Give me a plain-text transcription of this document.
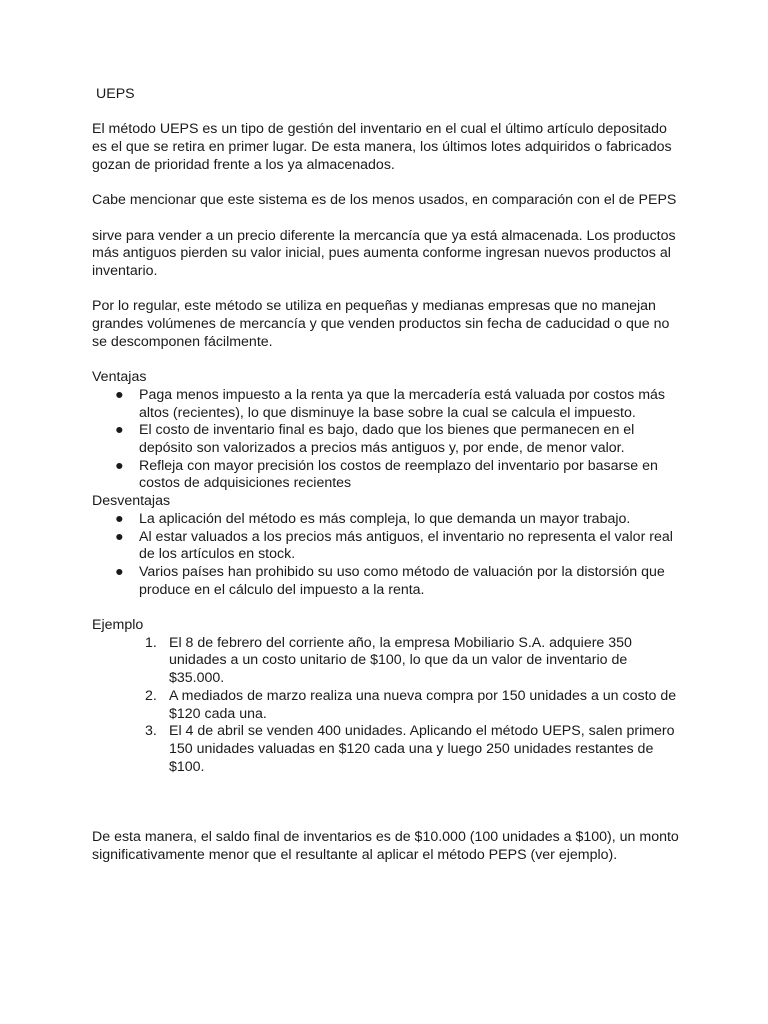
UEPS

El método UEPS es un tipo de gestión del inventario en el cual el último artículo depositado es el que se retira en primer lugar. De esta manera, los últimos lotes adquiridos o fabricados gozan de prioridad frente a los ya almacenados.

Cabe mencionar que este sistema es de los menos usados, en comparación con el de PEPS

sirve para vender a un precio diferente la mercancía que ya está almacenada. Los productos más antiguos pierden su valor inicial, pues aumenta conforme ingresan nuevos productos al inventario.

Por lo regular, este método se utiliza en pequeñas y medianas empresas que no manejan grandes volúmenes de mercancía y que venden productos sin fecha de caducidad o que no se descomponen fácilmente.

Ventajas

● Paga menos impuesto a la renta ya que la mercadería está valuada por costos más altos (recientes), lo que disminuye la base sobre la cual se calcula el impuesto.
● El costo de inventario final es bajo, dado que los bienes que permanecen en el depósito son valorizados a precios más antiguos y, por ende, de menor valor.
● Refleja con mayor precisión los costos de reemplazo del inventario por basarse en costos de adquisiciones recientes

Desventajas

● La aplicación del método es más compleja, lo que demanda un mayor trabajo.
● Al estar valuados a los precios más antiguos, el inventario no representa el valor real de los artículos en stock.
● Varios países han prohibido su uso como método de valuación por la distorsión que produce en el cálculo del impuesto a la renta.

Ejemplo

1. El 8 de febrero del corriente año, la empresa Mobiliario S.A. adquiere 350 unidades a un costo unitario de $100, lo que da un valor de inventario de $35.000.
2. A mediados de marzo realiza una nueva compra por 150 unidades a un costo de $120 cada una.
3. El 4 de abril se venden 400 unidades. Aplicando el método UEPS, salen primero 150 unidades valuadas en $120 cada una y luego 250 unidades restantes de $100.

De esta manera, el saldo final de inventarios es de $10.000 (100 unidades a $100), un monto significativamente menor que el resultante al aplicar el método PEPS (ver ejemplo).
